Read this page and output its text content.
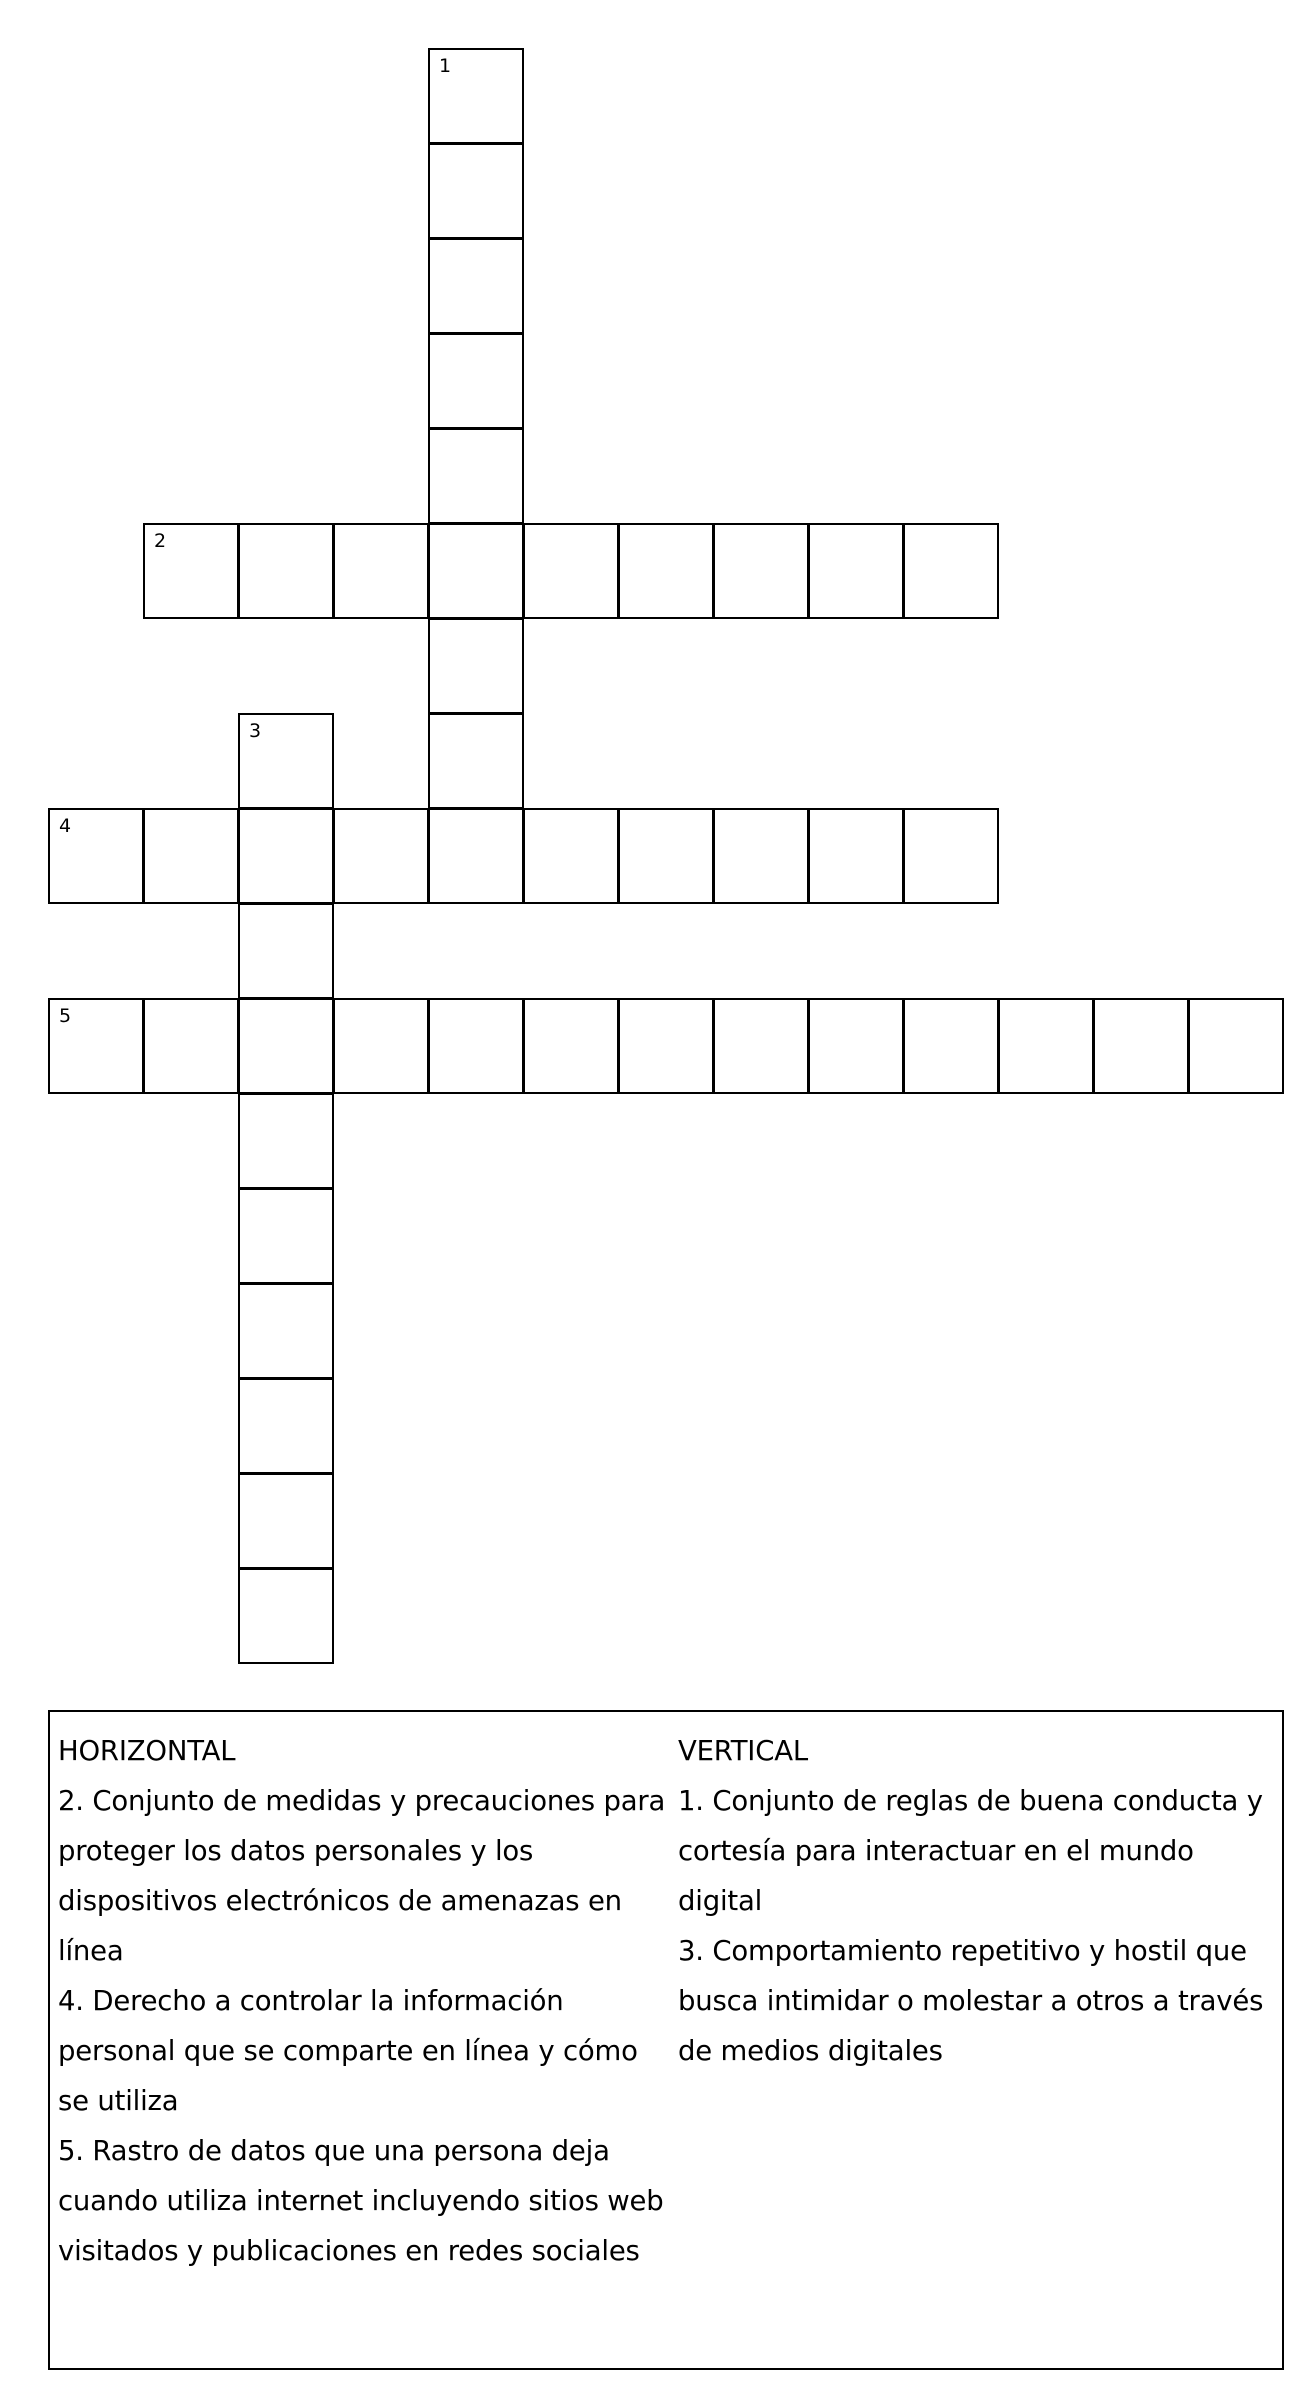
1
2
3
4
5
HORIZONTAL
2. Conjunto de medidas y precauciones para proteger los datos personales y los dispositivos electrónicos de amenazas en línea
4. Derecho a controlar la información personal que se comparte en línea y cómo se utiliza
5. Rastro de datos que una persona deja cuando utiliza internet incluyendo sitios web visitados y publicaciones en redes sociales
VERTICAL
1. Conjunto de reglas de buena conducta y cortesía para interactuar en el mundo digital
3. Comportamiento repetitivo y hostil que busca intimidar o molestar a otros a través de medios digitales
